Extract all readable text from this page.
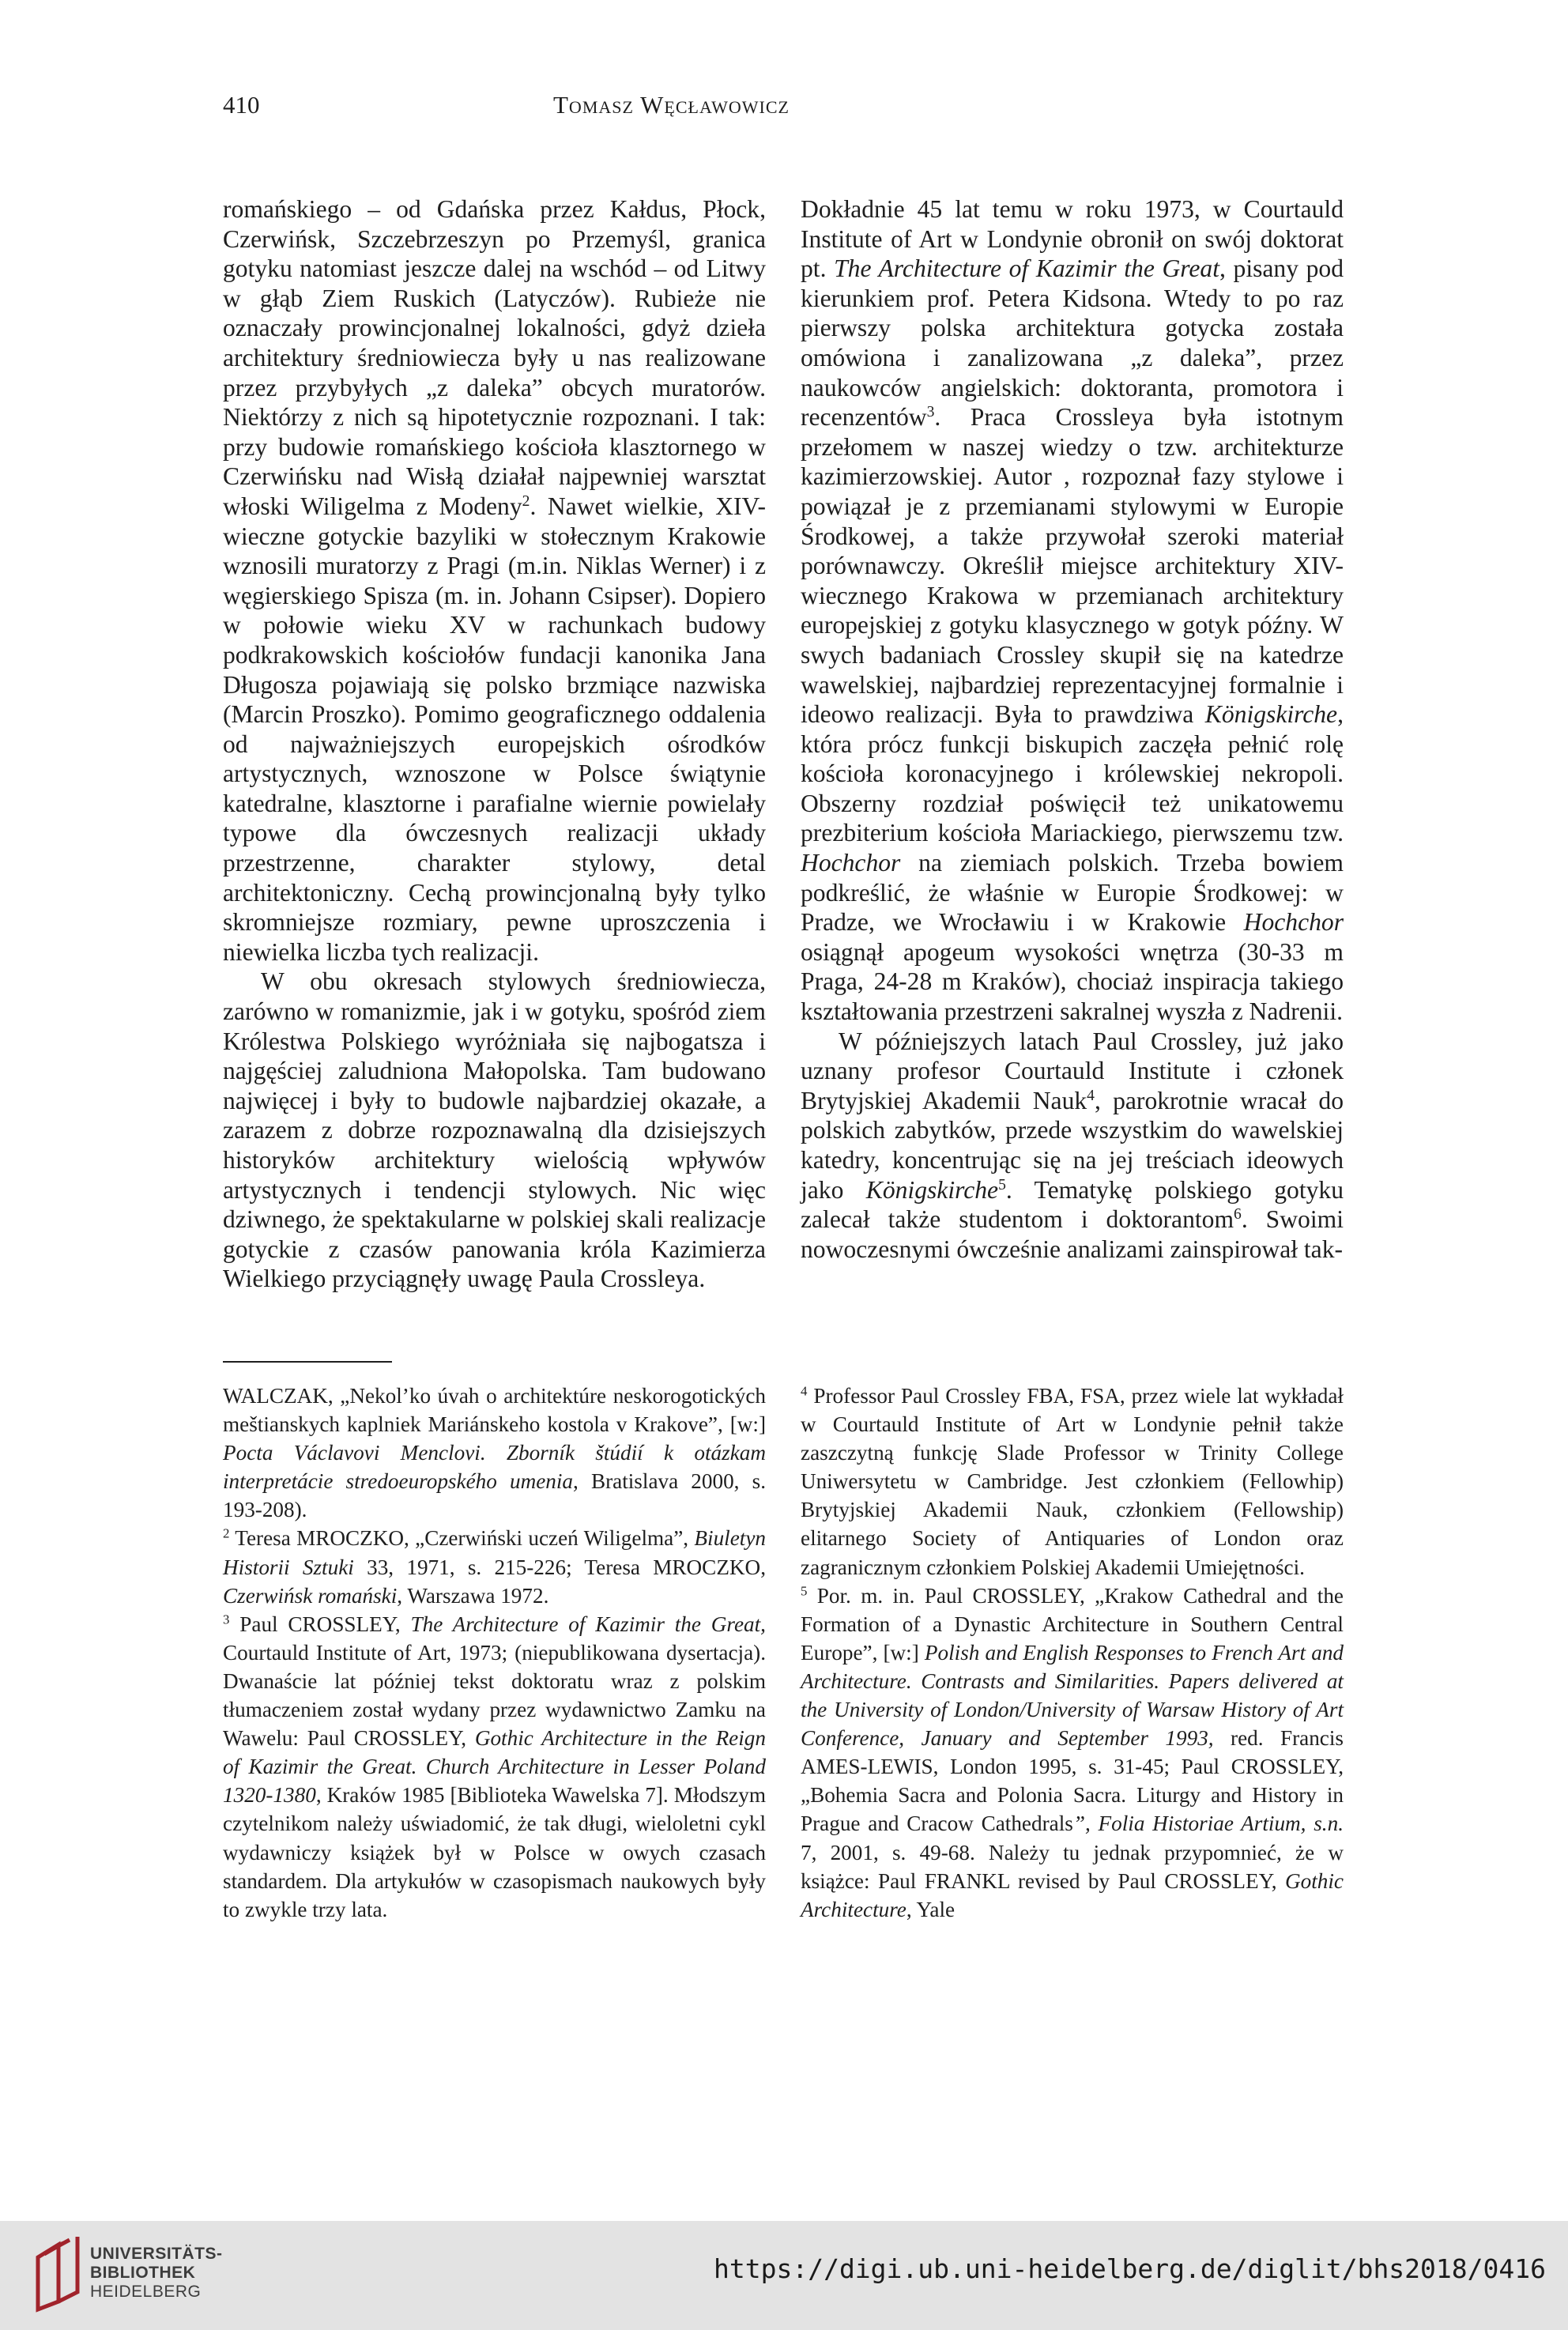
410	Tomasz Węcławowicz

romańskiego – od Gdańska przez Kałdus, Płock, Czerwińsk, Szczebrzeszyn po Przemyśl, granica gotyku natomiast jeszcze dalej na wschód – od Litwy w głąb Ziem Ruskich (Latyczów). Rubieże nie oznaczały prowincjonalnej lokalności, gdyż dzieła architektury średniowiecza były u nas realizowane przez przybyłych „z daleka” obcych muratorów. Niektórzy z nich są hipotetycznie rozpoznani. I tak: przy budowie romańskiego kościoła klasztornego w Czerwińsku nad Wisłą działał najpewniej warsztat włoski Wiligelma z Modeny$^2$. Nawet wielkie, XIV-wieczne gotyckie bazyliki w stołecznym Krakowie wznosili muratorzy z Pragi (m.in. Niklas Werner) i z węgierskiego Spisza (m. in. Johann Csipser). Dopiero w połowie wieku XV w rachunkach budowy podkrakowskich kościołów fundacji kanonika Jana Długosza pojawiają się polsko brzmiące nazwiska (Marcin Proszko). Pomimo geograficznego oddalenia od najważniejszych europejskich ośrodków artystycznych, wznoszone w Polsce świątynie katedralne, klasztorne i parafialne wiernie powielały typowe dla ówczesnych realizacji układy przestrzenne, charakter stylowy, detal architektoniczny. Cechą prowincjonalną były tylko skromniejsze rozmiary, pewne uproszczenia i niewielka liczba tych realizacji.

W obu okresach stylowych średniowiecza, zarówno w romanizmie, jak i w gotyku, spośród ziem Królestwa Polskiego wyróżniała się najbogatsza i najgęściej zaludniona Małopolska. Tam budowano najwięcej i były to budowle najbardziej okazałe, a zarazem z dobrze rozpoznawalną dla dzisiejszych historyków architektury wielością wpływów artystycznych i tendencji stylowych. Nic więc dziwnego, że spektakularne w polskiej skali realizacje gotyckie z czasów panowania króla Kazimierza Wielkiego przyciągnęły uwagę Paula Crossleya.

Dokładnie 45 lat temu w roku 1973, w Courtauld Institute of Art w Londynie obronił on swój doktorat pt. The Architecture of Kazimir the Great, pisany pod kierunkiem prof. Petera Kidsona. Wtedy to po raz pierwszy polska architektura gotycka została omówiona i zanalizowana „z daleka”, przez naukowców angielskich: doktoranta, promotora i recenzentów$^3$. Praca Crossleya była istotnym przełomem w naszej wiedzy o tzw. architekturze kazimierzowskiej. Autor , rozpoznał fazy stylowe i powiązał je z przemianami stylowymi w Europie Środkowej, a także przywołał szeroki materiał porównawczy. Określił miejsce architektury XIV-wiecznego Krakowa w przemianach architektury europejskiej z gotyku klasycznego w gotyk późny. W swych badaniach Crossley skupił się na katedrze wawelskiej, najbardziej reprezentacyjnej formalnie i ideowo realizacji. Była to prawdziwa Königskirche, która prócz funkcji biskupich zaczęła pełnić rolę kościoła koronacyjnego i królewskiej nekropoli. Obszerny rozdział poświęcił też unikatowemu prezbiterium kościoła Mariackiego, pierwszemu tzw. Hochchor na ziemiach polskich. Trzeba bowiem podkreślić, że właśnie w Europie Środkowej: w Pradze, we Wrocławiu i w Krakowie Hochchor osiągnął apogeum wysokości wnętrza (30-33 m Praga, 24-28 m Kraków), chociaż inspiracja takiego kształtowania przestrzeni sakralnej wyszła z Nadrenii.

W późniejszych latach Paul Crossley, już jako uznany profesor Courtauld Institute i członek Brytyjskiej Akademii Nauk$^4$, parokrotnie wracał do polskich zabytków, przede wszystkim do wawelskiej katedry, koncentrując się na jej treściach ideowych jako Königskirche$^5$. Tematykę polskiego gotyku zalecał także studentom i doktorantom$^6$. Swoimi nowoczesnymi ówcześnie analizami zainspirował tak-

WALCZAK, „Nekol’ko úvah o architektúre neskorogotických meštianskych kaplniek Mariánskeho kostola v Krakove”, [w:] Pocta Václavovi Menclovi. Zborník štúdií k otázkam interpretácie stredoeuropského umenia, Bratislava 2000, s. 193-208).

$^2$ Teresa MROCZKO, „Czerwiński uczeń Wiligelma”, Biuletyn Historii Sztuki 33, 1971, s. 215-226; Teresa MROCZKO, Czerwińsk romański, Warszawa 1972.

$^3$ Paul CROSSLEY, The Architecture of Kazimir the Great, Courtauld Institute of Art, 1973; (niepublikowana dysertacja). Dwanaście lat później tekst doktoratu wraz z polskim tłumaczeniem został wydany przez wydawnictwo Zamku na Wawelu: Paul CROSSLEY, Gothic Architecture in the Reign of Kazimir the Great. Church Architecture in Lesser Poland 1320-1380, Kraków 1985 [Biblioteka Wawelska 7]. Młodszym czytelnikom należy uświadomić, że tak długi, wieloletni cykl wydawniczy książek był w Polsce w owych czasach standardem. Dla artykułów w czasopismach naukowych były to zwykle trzy lata.

$^4$ Professor Paul Crossley FBA, FSA, przez wiele lat wykładał w Courtauld Institute of Art w Londynie pełnił także zaszczytną funkcję Slade Professor w Trinity College Uniwersytetu w Cambridge. Jest członkiem (Fellowhip) Brytyjskiej Akademii Nauk, członkiem (Fellowship) elitarnego Society of Antiquaries of London oraz zagranicznym członkiem Polskiej Akademii Umiejętności.

$^5$ Por. m. in. Paul CROSSLEY, „Krakow Cathedral and the Formation of a Dynastic Architecture in Southern Central Europe”, [w:] Polish and English Responses to French Art and Architecture. Contrasts and Similarities. Papers delivered at the University of London/University of Warsaw History of Art Conference, January and September 1993, red. Francis AMES-LEWIS, London 1995, s. 31-45; Paul CROSSLEY, „Bohemia Sacra and Polonia Sacra. Liturgy and History in Prague and Cracow Cathedrals”, Folia Historiae Artium, s.n. 7, 2001, s. 49-68. Należy tu jednak przypomnieć, że w książce: Paul FRANKL revised by Paul CROSSLEY, Gothic Architecture, Yale

UNIVERSITÄTS-
BIBLIOTHEK
HEIDELBERG
https://digi.ub.uni-heidelberg.de/diglit/bhs2018/0416
